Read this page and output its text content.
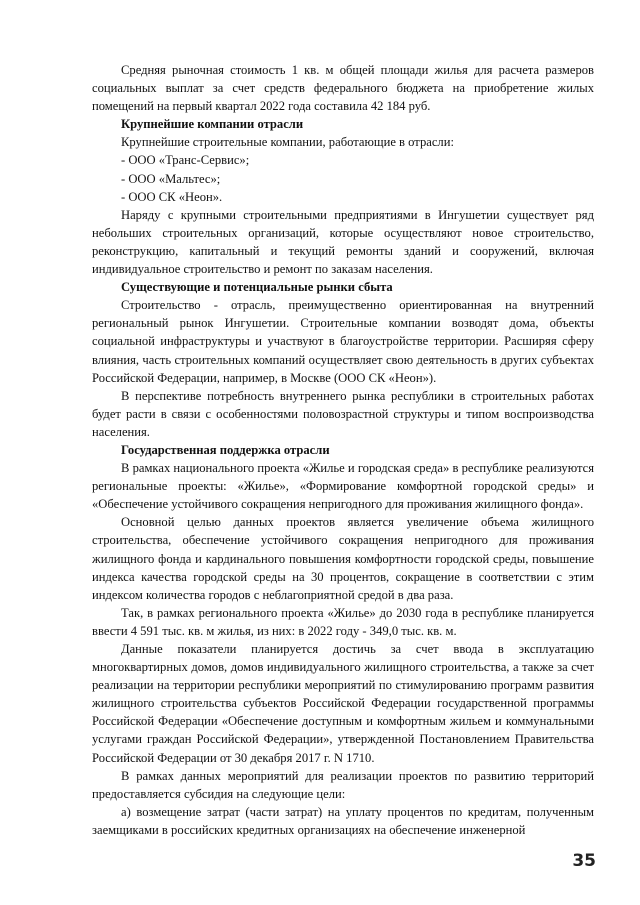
Средняя рыночная стоимость 1 кв. м общей площади жилья для расчета размеров социальных выплат за счет средств федерального бюджета на приобретение жилых помещений на первый квартал 2022 года составила 42 184 руб.

Крупнейшие компании отрасли

Крупнейшие строительные компании, работающие в отрасли:

- ООО «Транс-Сервис»;

- ООО «Мальтес»;

- ООО СК «Неон».

Наряду с крупными строительными предприятиями в Ингушетии существует ряд небольших строительных организаций, которые осуществляют новое строительство, реконструкцию, капитальный и текущий ремонты зданий и сооружений, включая индивидуальное строительство и ремонт по заказам населения.

Существующие и потенциальные рынки сбыта

Строительство - отрасль, преимущественно ориентированная на внутренний региональный рынок Ингушетии. Строительные компании возводят дома, объекты социальной инфраструктуры и участвуют в благоустройстве территории. Расширяя сферу влияния, часть строительных компаний осуществляет свою деятельность в других субъектах Российской Федерации, например, в Москве (ООО СК «Неон»).

В перспективе потребность внутреннего рынка республики в строительных работах будет расти в связи с особенностями половозрастной структуры и типом воспроизводства населения.

Государственная поддержка отрасли

В рамках национального проекта «Жилье и городская среда» в республике реализуются региональные проекты: «Жилье», «Формирование комфортной городской среды» и «Обеспечение устойчивого сокращения непригодного для проживания жилищного фонда».

Основной целью данных проектов является увеличение объема жилищного строительства, обеспечение устойчивого сокращения непригодного для проживания жилищного фонда и кардинального повышения комфортности городской среды, повышение индекса качества городской среды на 30 процентов, сокращение в соответствии с этим индексом количества городов с неблагоприятной средой в два раза.

Так, в рамках регионального проекта «Жилье» до 2030 года в республике планируется ввести 4 591 тыс. кв. м жилья, из них: в 2022 году - 349,0 тыс. кв. м.

Данные показатели планируется достичь за счет ввода в эксплуатацию многоквартирных домов, домов индивидуального жилищного строительства, а также за счет реализации на территории республики мероприятий по стимулированию программ развития жилищного строительства субъектов Российской Федерации государственной программы Российской Федерации «Обеспечение доступным и комфортным жильем и коммунальными услугами граждан Российской Федерации», утвержденной Постановлением Правительства Российской Федерации от 30 декабря 2017 г. N 1710.

В рамках данных мероприятий для реализации проектов по развитию территорий предоставляется субсидия на следующие цели:

а) возмещение затрат (части затрат) на уплату процентов по кредитам, полученным заемщиками в российских кредитных организациях на обеспечение инженерной

35
